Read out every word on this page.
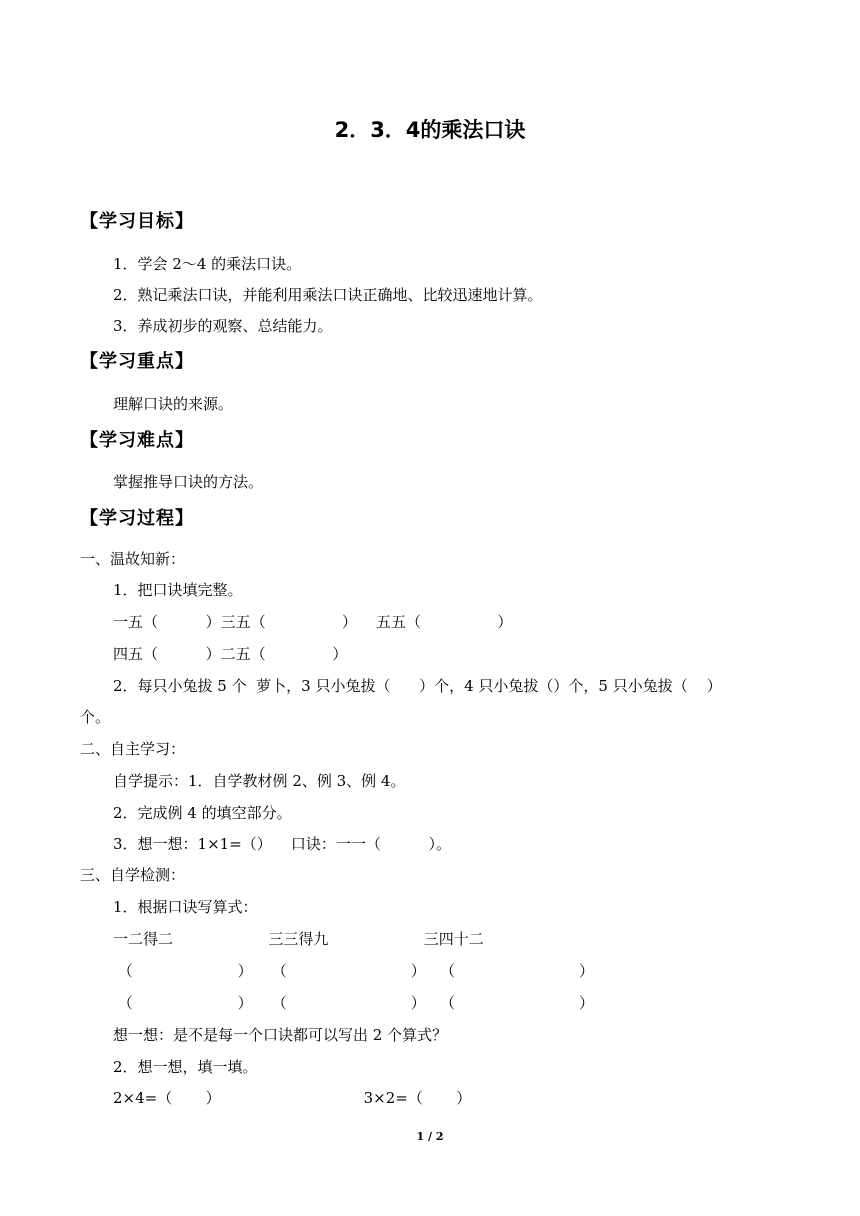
2．3．4的乘法口诀
【学习目标】
1．学会 2～4 的乘法口诀。
2．熟记乘法口诀，并能利用乘法口诀正确地、比较迅速地计算。
3．养成初步的观察、总结能力。
【学习重点】
理解口诀的来源。
【学习难点】
掌握推导口诀的方法。
【学习过程】
一、温故知新：
1．把口诀填完整。
一五（          ）三五（                ）    五五（                ）
四五（          ）二五（              ）
2．每只小兔拔 5 个  萝卜，3 只小兔拔（      ）个，4 只小兔拔（）个，5 只小兔拔（    ）
个。
二、自主学习：
自学提示：1．自学教材例 2、例 3、例 4。
2．完成例 4 的填空部分。
3．想一想：1×1=（）    口诀：一一（          ）。
三、自学检测：
1．根据口诀写算式：
一二得二                    三三得九                    三四十二
（                      ）    （                          ）   （                          ）
（                      ）    （                          ）   （                          ）
想一想：是不是每一个口诀都可以写出 2 个算式？
2．想一想，填一填。
2×4=（       ）                              3×2=（       ）
1 / 2
